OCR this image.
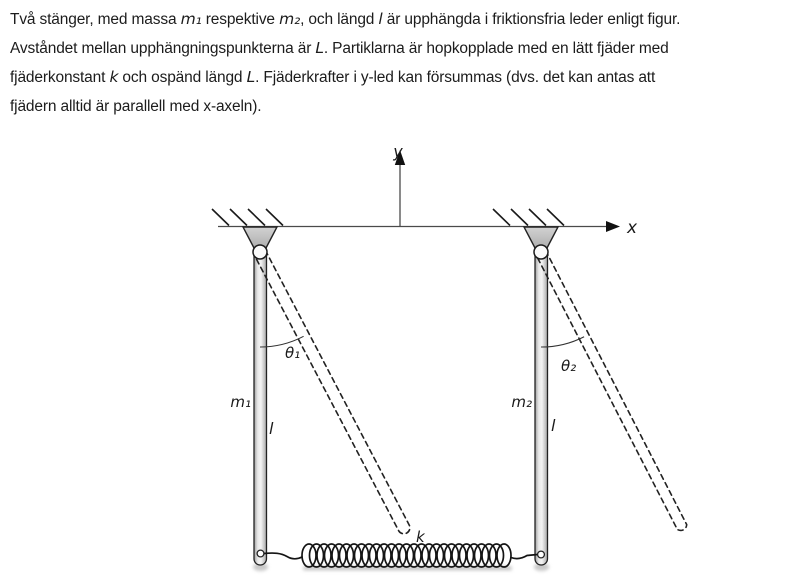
Två stänger, med massa m₁ respektive m₂, och längd l är upphängda i friktionsfria leder enligt figur.
Avståndet mellan upphängningspunkterna är L. Partiklarna är hopkopplade med en lätt fjäder med
fjäderkonstant k och ospänd längd L. Fjäderkrafter i y-led kan försummas (dvs. det kan antas att
fjädern alltid är parallell med x-axeln).
x
y
m₁	m₂
l	l
θ₁
θ₂
k
